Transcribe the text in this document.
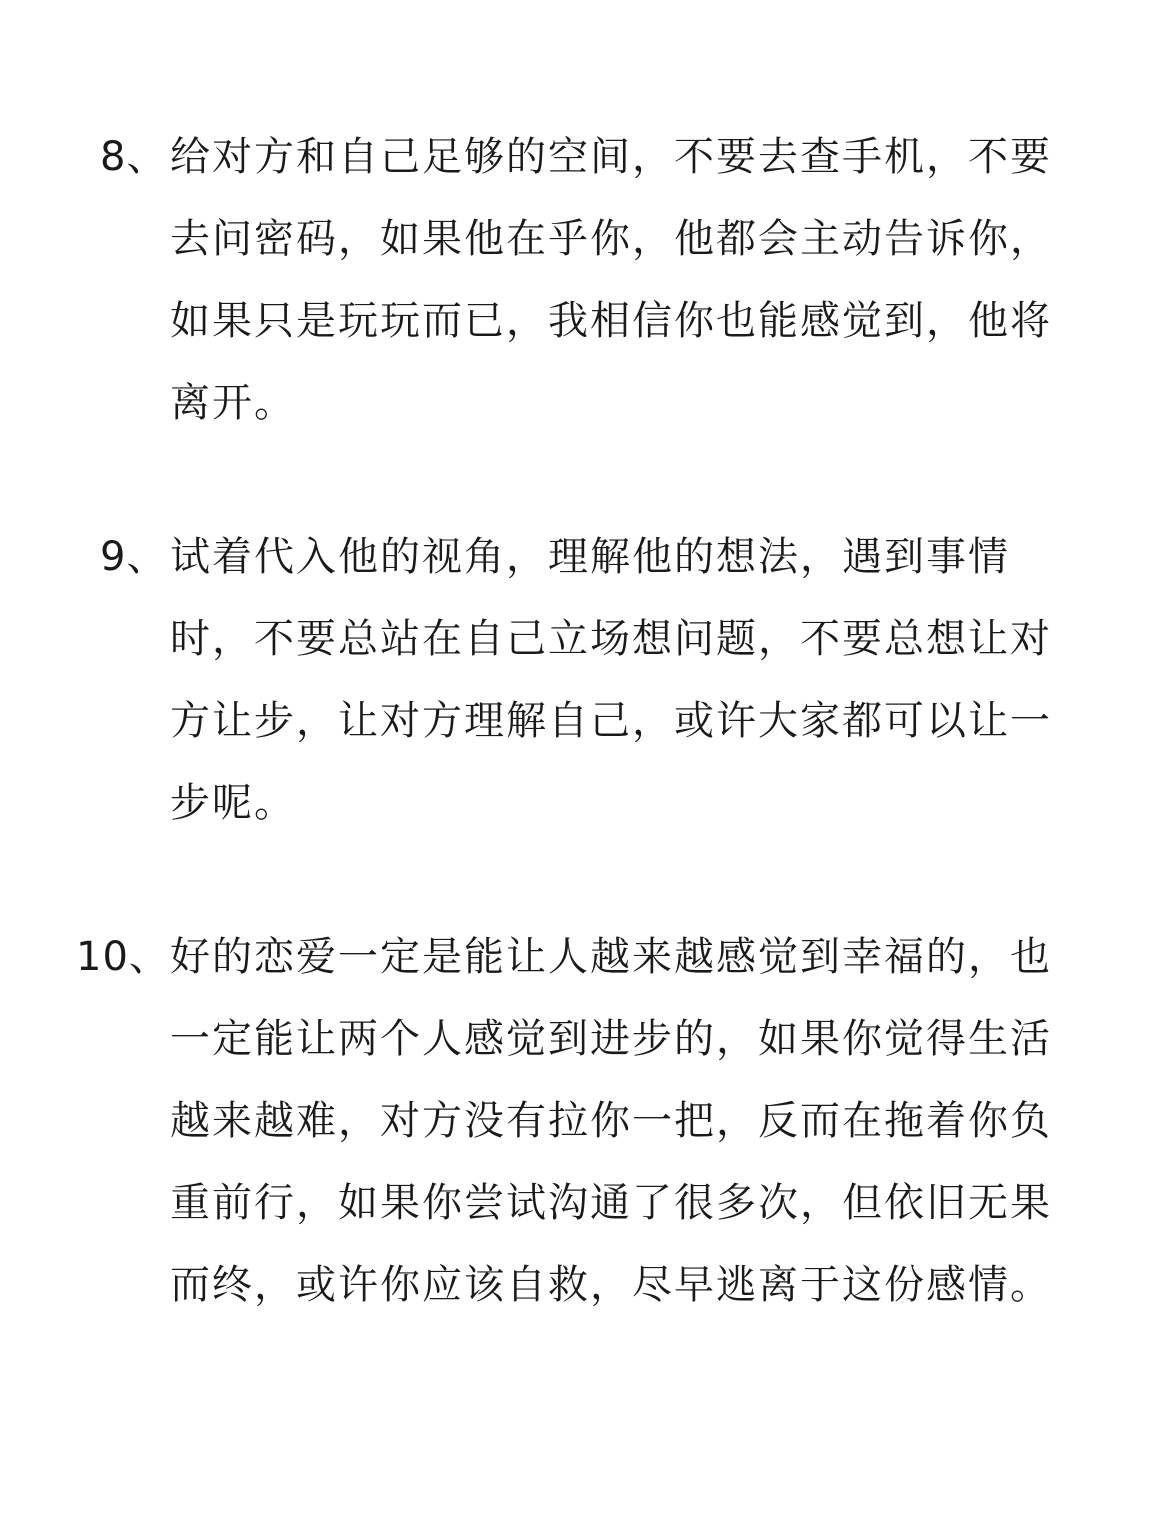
8、 给对方和自己足够的空间，不要去查手机，不要
去问密码，如果他在乎你，他都会主动告诉你，
如果只是玩玩而已，我相信你也能感觉到，他将
离开。
9、 试着代入他的视角，理解他的想法，遇到事情
时，不要总站在自己立场想问题，不要总想让对
方让步，让对方理解自己，或许大家都可以让一
步呢。
10、 好的恋爱一定是能让人越来越感觉到幸福的，也
一定能让两个人感觉到进步的，如果你觉得生活
越来越难，对方没有拉你一把，反而在拖着你负
重前行，如果你尝试沟通了很多次，但依旧无果
而终，或许你应该自救，尽早逃离于这份感情。
